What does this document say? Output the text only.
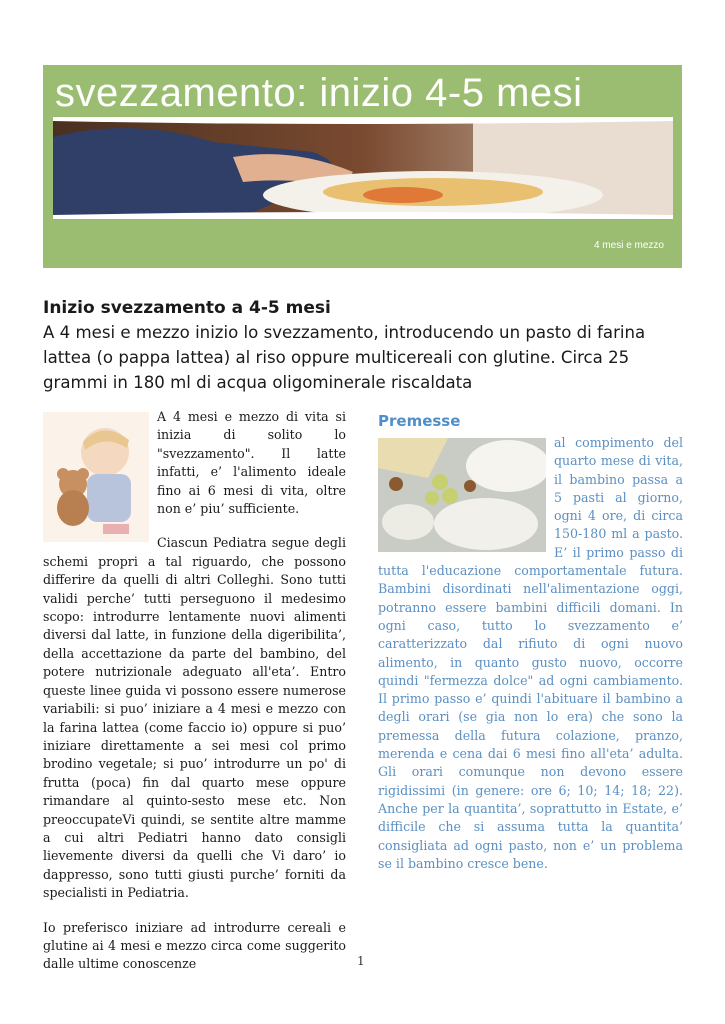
svezzamento: inizio 4-5 mesi
4 mesi e mezzo
Inizio svezzamento a 4-5 mesi
A 4 mesi e mezzo inizio lo svezzamento, introducendo un pasto di farina lattea (o pappa lattea) al riso oppure multicereali con glutine. Circa 25 grammi in 180 ml di acqua oligominerale riscaldata

A 4 mesi e mezzo di vita si inizia di solito lo "svezzamento". Il latte infatti, e’ l'alimento ideale fino ai 6 mesi di vita, oltre non e’ piu’ sufficiente.

Ciascun Pediatra segue degli schemi propri a tal riguardo, che possono differire da quelli di altri Colleghi. Sono tutti validi perche’ tutti perseguono il medesimo scopo: introdurre lentamente nuovi alimenti diversi dal latte, in funzione della digeribilita’, della accettazione da parte del bambino, del potere nutrizionale adeguato all'eta’. Entro queste linee guida vi possono essere numerose variabili: si puo’ iniziare a 4 mesi e mezzo con la farina lattea (come faccio io) oppure si puo’ iniziare direttamente a sei mesi col primo brodino vegetale; si puo’ introdurre un po' di frutta (poca) fin dal quarto mese oppure rimandare al quinto-sesto mese etc. Non preoccupateVi quindi, se sentite altre mamme a cui altri Pediatri hanno dato consigli lievemente diversi da quelli che Vi daro’ io dappresso, sono tutti giusti purche’ forniti da specialisti in Pediatria.

Io preferisco iniziare ad introdurre cereali e glutine ai 4 mesi e mezzo circa come suggerito dalle ultime conoscenze

Premesse

al compimento del quarto mese di vita, il bambino passa a 5 pasti al giorno, ogni 4 ore, di circa 150-180 ml a pasto. E’ il primo passo di tutta l'educazione comportamentale futura. Bambini disordinati nell'alimentazione oggi, potranno essere bambini difficili domani. In ogni caso, tutto lo svezzamento e’ caratterizzato dal rifiuto di ogni nuovo alimento, in quanto gusto nuovo, occorre quindi "fermezza dolce" ad ogni cambiamento. Il primo passo e’ quindi l'abituare il bambino a degli orari (se gia non lo era) che sono la premessa della futura colazione, pranzo, merenda e cena dai 6 mesi fino all'eta’ adulta. Gli orari comunque non devono essere rigidissimi (in genere: ore 6; 10; 14; 18; 22). Anche per la quantita’, soprattutto in Estate, e’ difficile che si assuma tutta la quantita’ consigliata ad ogni pasto, non e’ un problema se il bambino cresce bene.

1
